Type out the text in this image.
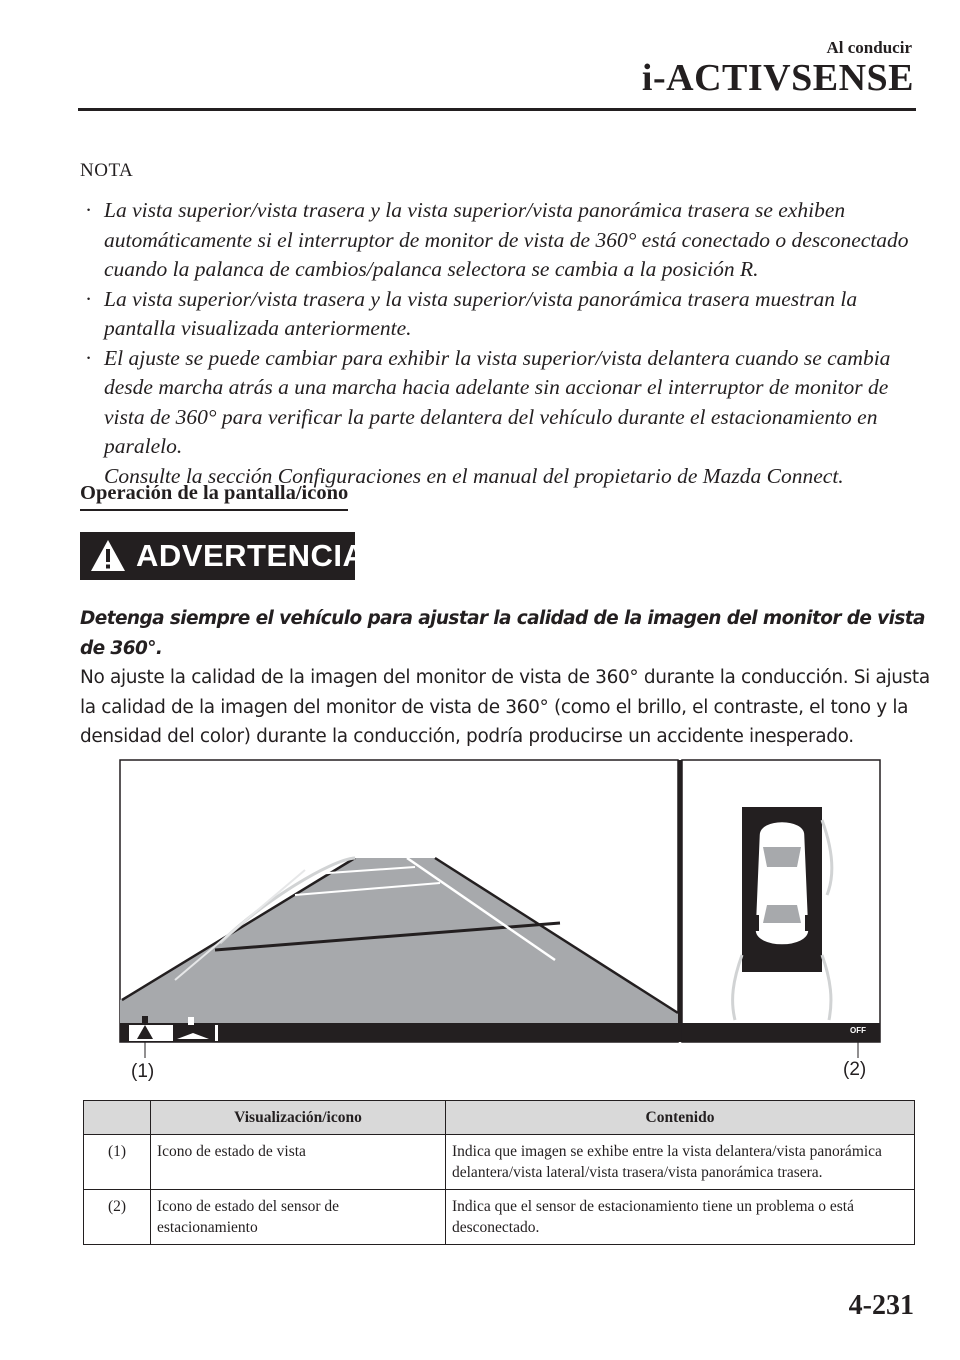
Al conducir
i-ACTIVSENSE
NOTA
· La vista superior/vista trasera y la vista superior/vista panorámica trasera se exhiben automáticamente si el interruptor de monitor de vista de 360° está conectado o desconectado cuando la palanca de cambios/palanca selectora se cambia a la posición R.
· La vista superior/vista trasera y la vista superior/vista panorámica trasera muestran la pantalla visualizada anteriormente.
· El ajuste se puede cambiar para exhibir la vista superior/vista delantera cuando se cambia desde marcha atrás a una marcha hacia adelante sin accionar el interruptor de monitor de vista de 360° para verificar la parte delantera del vehículo durante el estacionamiento en paralelo.
Consulte la sección Configuraciones en el manual del propietario de Mazda Connect.
Operación de la pantalla/icono
ADVERTENCIA
Detenga siempre el vehículo para ajustar la calidad de la imagen del monitor de vista de 360°.
No ajuste la calidad de la imagen del monitor de vista de 360° durante la conducción. Si ajusta la calidad de la imagen del monitor de vista de 360° (como el brillo, el contraste, el tono y la densidad del color) durante la conducción, podría producirse un accidente inesperado.
P
OFF
(1)	(2)
	Visualización/icono	Contenido
(1)	Icono de estado de vista	Indica que imagen se exhibe entre la vista delantera/vista panorámica delantera/vista lateral/vista trasera/vista panorámica trasera.
(2)	Icono de estado del sensor de estacionamiento	Indica que el sensor de estacionamiento tiene un problema o está desconectado.
4-231
